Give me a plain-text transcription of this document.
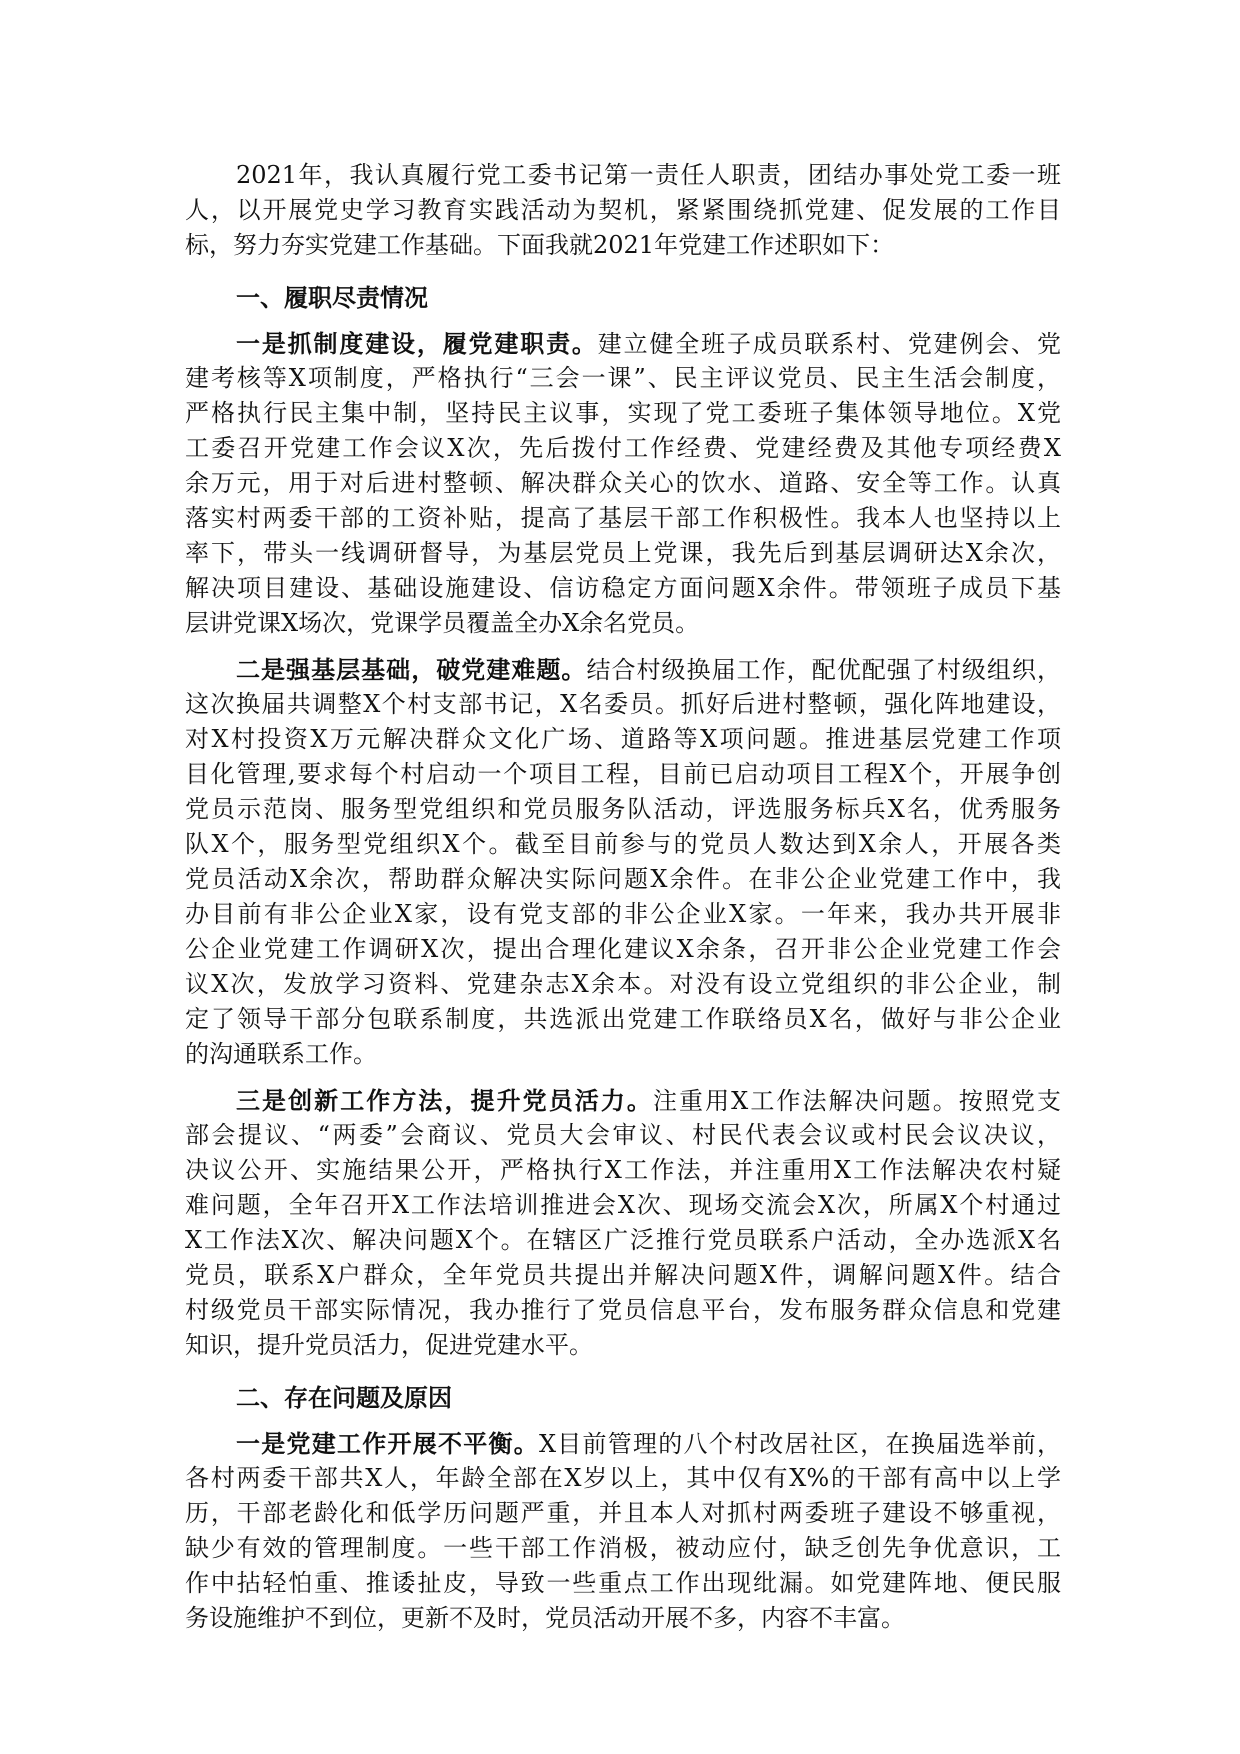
2021年，我认真履行党工委书记第一责任人职责，团结办事处党工委一班
人，以开展党史学习教育实践活动为契机，紧紧围绕抓党建、促发展的工作目
标，努力夯实党建工作基础。下面我就2021年党建工作述职如下：
一、履职尽责情况
一是抓制度建设，履党建职责。建立健全班子成员联系村、党建例会、党
建考核等X项制度，严格执行“三会一课”、民主评议党员、民主生活会制度，
严格执行民主集中制，坚持民主议事，实现了党工委班子集体领导地位。X党
工委召开党建工作会议X次，先后拨付工作经费、党建经费及其他专项经费X
余万元，用于对后进村整顿、解决群众关心的饮水、道路、安全等工作。认真
落实村两委干部的工资补贴，提高了基层干部工作积极性。我本人也坚持以上
率下，带头一线调研督导，为基层党员上党课，我先后到基层调研达X余次，
解决项目建设、基础设施建设、信访稳定方面问题X余件。带领班子成员下基
层讲党课X场次，党课学员覆盖全办X余名党员。
二是强基层基础，破党建难题。结合村级换届工作，配优配强了村级组织，
这次换届共调整X个村支部书记，X名委员。抓好后进村整顿，强化阵地建设，
对X村投资X万元解决群众文化广场、道路等X项问题。推进基层党建工作项
目化管理,要求每个村启动一个项目工程，目前已启动项目工程X个，开展争创
党员示范岗、服务型党组织和党员服务队活动，评选服务标兵X名，优秀服务
队X个，服务型党组织X个。截至目前参与的党员人数达到X余人，开展各类
党员活动X余次，帮助群众解决实际问题X余件。在非公企业党建工作中，我
办目前有非公企业X家，设有党支部的非公企业X家。一年来，我办共开展非
公企业党建工作调研X次，提出合理化建议X余条，召开非公企业党建工作会
议X次，发放学习资料、党建杂志X余本。对没有设立党组织的非公企业，制
定了领导干部分包联系制度，共选派出党建工作联络员X名，做好与非公企业
的沟通联系工作。
三是创新工作方法，提升党员活力。注重用X工作法解决问题。按照党支
部会提议、“两委”会商议、党员大会审议、村民代表会议或村民会议决议，
决议公开、实施结果公开，严格执行X工作法，并注重用X工作法解决农村疑
难问题，全年召开X工作法培训推进会X次、现场交流会X次，所属X个村通过
X工作法X次、解决问题X个。在辖区广泛推行党员联系户活动，全办选派X名
党员，联系X户群众，全年党员共提出并解决问题X件，调解问题X件。结合
村级党员干部实际情况，我办推行了党员信息平台，发布服务群众信息和党建
知识，提升党员活力，促进党建水平。
二、存在问题及原因
一是党建工作开展不平衡。X目前管理的八个村改居社区，在换届选举前，
各村两委干部共X人，年龄全部在X岁以上，其中仅有X%的干部有高中以上学
历，干部老龄化和低学历问题严重，并且本人对抓村两委班子建设不够重视，
缺少有效的管理制度。一些干部工作消极，被动应付，缺乏创先争优意识，工
作中拈轻怕重、推诿扯皮，导致一些重点工作出现纰漏。如党建阵地、便民服
务设施维护不到位，更新不及时，党员活动开展不多，内容不丰富。
